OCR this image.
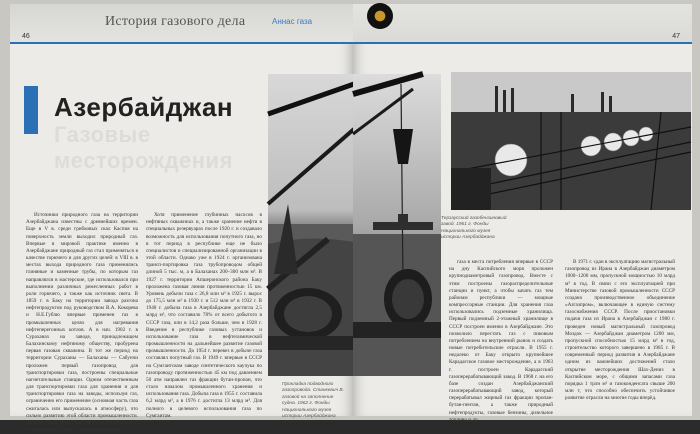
46
История газового дела	Аннас газа
Азербайджан
Газовые месторождения

Источники природного газа на территории Азербайджана известны с древнейших времен. Еще в V в. среди грибковых скал Каспия на поверхность земли выходил природный газ. Впервые в мировой практике именно в Азербайджане природный газ стал применяться в качестве горючего и для других целей: в VIII в. в местах выхода природного газа применялись глиняные и каменные трубы, по которым газ направлялся в мастерские, где использовался при выполнении различных ремесленных работ в роли горючего, а также как источник света. В 1859 г. в Баку на территории завода разгона нефтепродуктов под руководством В.А. Кокорева и Н.Е.Гублю впервые применен газ в промышленных целях для нагревания нефтеперегонных котлов. А в нач. 1902 г. в Сураханах на заводе, принадлежащем Балахинскому нефтяному обществу, пробурена первая газовая скважина. В тот же период на территории Сураханы — Балаханы — Сабунчи проложен первый газопровод для транспортировки газа, построены специальные нагнетательные станции. Одним отечественным для транспортировки газа для хранения и для транспортировки газа на заводы, используя газ, ограниченно его применение (основная часть газа сжигалась или выпускалась в атмосферу), что сильно развитию этой области промышленности. Добыча природного газа для нужд Апшеронского полуострова в 1919 г. составляла 40 млн м³.

Хотя применение глубинных насосов в нефтяных скважинах и, а также хранение нефти в специальных резервуарах после 1920 г. и создавало возможность для использования попутного газа, но в тот период в республике еще не было специалистов и специализированной организации в этой области. Однако уже в 1924 г. организована трансп-портировка газа трубопроводом общей длиной 5 тыс. м, а в Балаханах 200–300 млн м³. В 1927 г. территории Апшеронского района Баку проложена газовая линия протяженностью 15 км. Уровень добычи газа с 26,8 млн м³ в 1925 г. вырос до 175,5 млн м³ в 1930 г. и 512 млн м³ в 1932 г. В 1940 г. добыча газа в Азербайджане достигла 2,5 млрд м³, что составило 78% от всего добытого в СССР газа, или в 14,2 раза больше, чем в 1928 г. Введение в республике газовых установок и использование газа в нефтехимической промышленности на дальнейшее развитие газовой промышленности. До 1954 г. перевез в добыче газа составлял попутный газ. В 1949 г. впервые в СССР на Сумгаитском заводе синтетического каучука по газопроводу протяженностью 45 км под давлением 50 атм направлен газ фракции бутан-пропан, что стало началом промышленного хранения и использования газа. Добыча газа в 1955 г. составила 6,2 млрд м³, а в 1976 г. достигла 13 млрд м³. Для полного и целевого использования газа по Сумгаитам.

Прокладка подводного газопровода. Станкевич В. газовой на заполнение судна. 1962 г. Фонды Национального музея истории Азербайджана
47
Терзаусский газобензиновый завод. 1961 г. Фонды Национального музея истории Азербайджана

газа в места потребления впервые в СССР на дну Каспийского моря проложен крупнодиаметровый газопровод. Вместе с этим построены газораспределительные станции и пункт, а чтобы качать газ тем районам республики — мощные компрессорные станции. Для хранения газа использовались подземные хранилища. Первый подземный 2-этажный хранилище в СССР построен именно в Азербайджане. Это позволило перестать газ с пиковым потреблением на внутренний рынок и создать новые потребительские отрасли. В 1955 г. недалеко от Баку открыто крупнейшее Карадагское газовое месторождение, а в 1963 г. построен Карадагский газоперерабатывающий завод. В 1968 г. на его базе создан Азербайджанский газоперерабатывающий завод, который перерабатывал жирный газ фракции пропан-бутан-пентан, а также природный нефтепродукты, газовые бензины, дизельное топливо и др.

В 1971 г. сдан в эксплуатацию магистральный газопровод из Ирана в Азербайджан диаметром 1000–1200 мм, пропускной мощностью 10 млрд м³ в год. В связи с его эксплуатацией при Министерстве газовой промышленности СССР создано производственное объединение «Азгазпром», включающее в единую систему газоснабжения СССР. После приостановки подачи газа из Ирана в Азербайджан с 1980 г. проведен новый магистральный газопровод Моздок — Азербайджан диаметром 1200 мм, пропускной способностью 15 млрд м³ в год, строительство которого завершено в 1985 г. В современный период развития в Азербайджане одним из важнейших достижений стало открытие месторождения Шах-Дениз в Каспийском море, с общими запасами газа порядка 1 трлн м³ и газоконденсата свыше 200 млн т, что способно обеспечить устойчивое развитие отрасли на многие годы вперёд.
